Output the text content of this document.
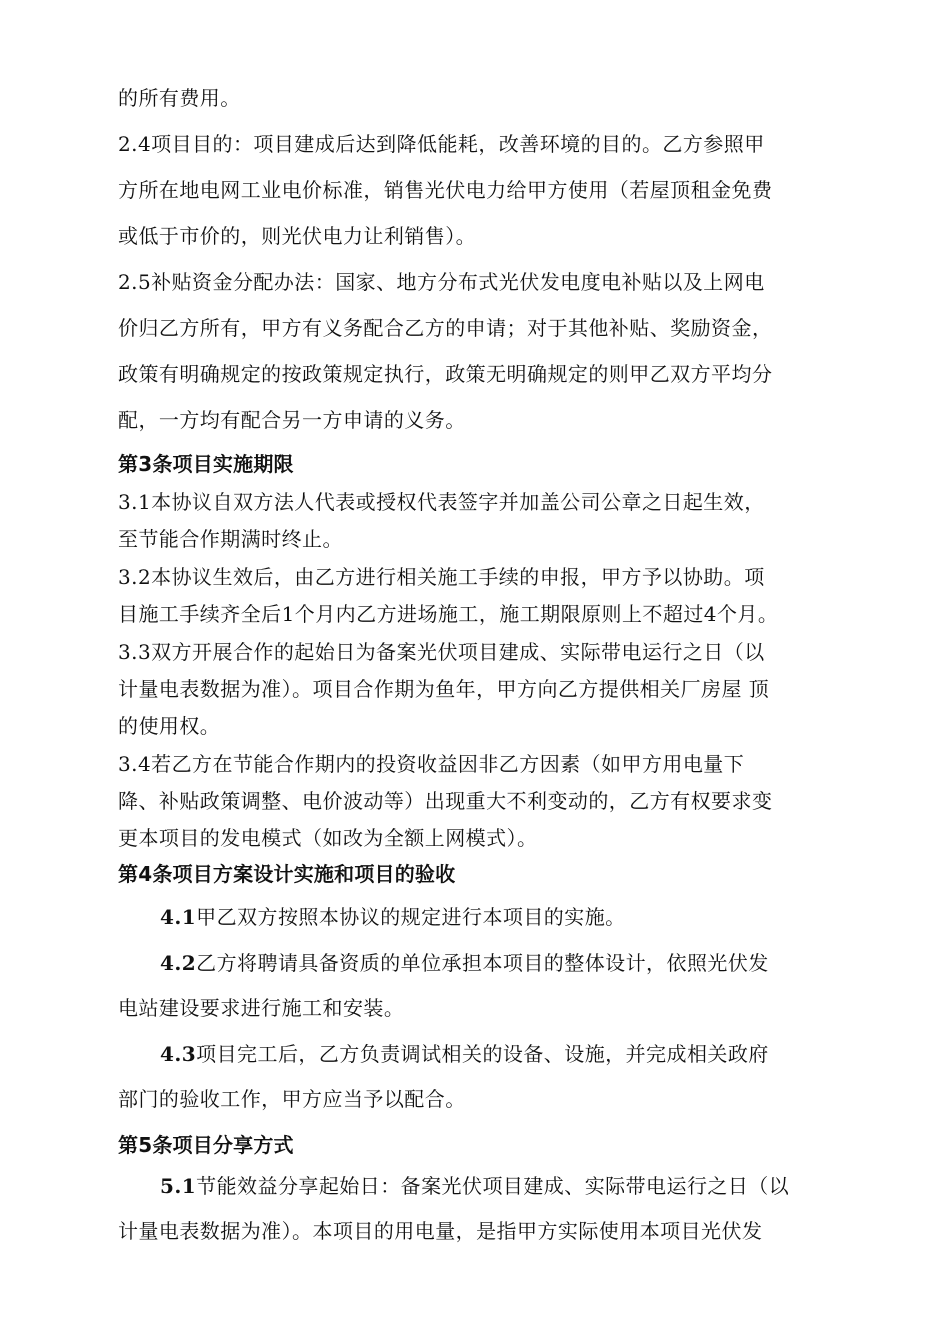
的所有费用。
2.4项目目的：项目建成后达到降低能耗，改善环境的目的。乙方参照甲
方所在地电网工业电价标准，销售光伏电力给甲方使用（若屋顶租金免费
或低于市价的，则光伏电力让利销售）。
2.5补贴资金分配办法：国家、地方分布式光伏发电度电补贴以及上网电
价归乙方所有，甲方有义务配合乙方的申请；对于其他补贴、奖励资金，
政策有明确规定的按政策规定执行，政策无明确规定的则甲乙双方平均分
配，一方均有配合另一方申请的义务。
第3条项目实施期限
3.1本协议自双方法人代表或授权代表签字并加盖公司公章之日起生效，
至节能合作期满时终止。
3.2本协议生效后，由乙方进行相关施工手续的申报，甲方予以协助。项
目施工手续齐全后1个月内乙方进场施工，施工期限原则上不超过4个月。
3.3双方开展合作的起始日为备案光伏项目建成、实际带电运行之日（以
计量电表数据为准）。项目合作期为鱼年，甲方向乙方提供相关厂房屋 顶
的使用权。
3.4若乙方在节能合作期内的投资收益因非乙方因素（如甲方用电量下
降、补贴政策调整、电价波动等）出现重大不利变动的，乙方有权要求变
更本项目的发电模式（如改为全额上网模式）。
第4条项目方案设计实施和项目的验收
4.1甲乙双方按照本协议的规定进行本项目的实施。
4.2乙方将聘请具备资质的单位承担本项目的整体设计，依照光伏发
电站建设要求进行施工和安装。
4.3项目完工后，乙方负责调试相关的设备、设施，并完成相关政府
部门的验收工作，甲方应当予以配合。
第5条项目分享方式
5.1节能效益分享起始日：备案光伏项目建成、实际带电运行之日（以
计量电表数据为准）。本项目的用电量，是指甲方实际使用本项目光伏发
